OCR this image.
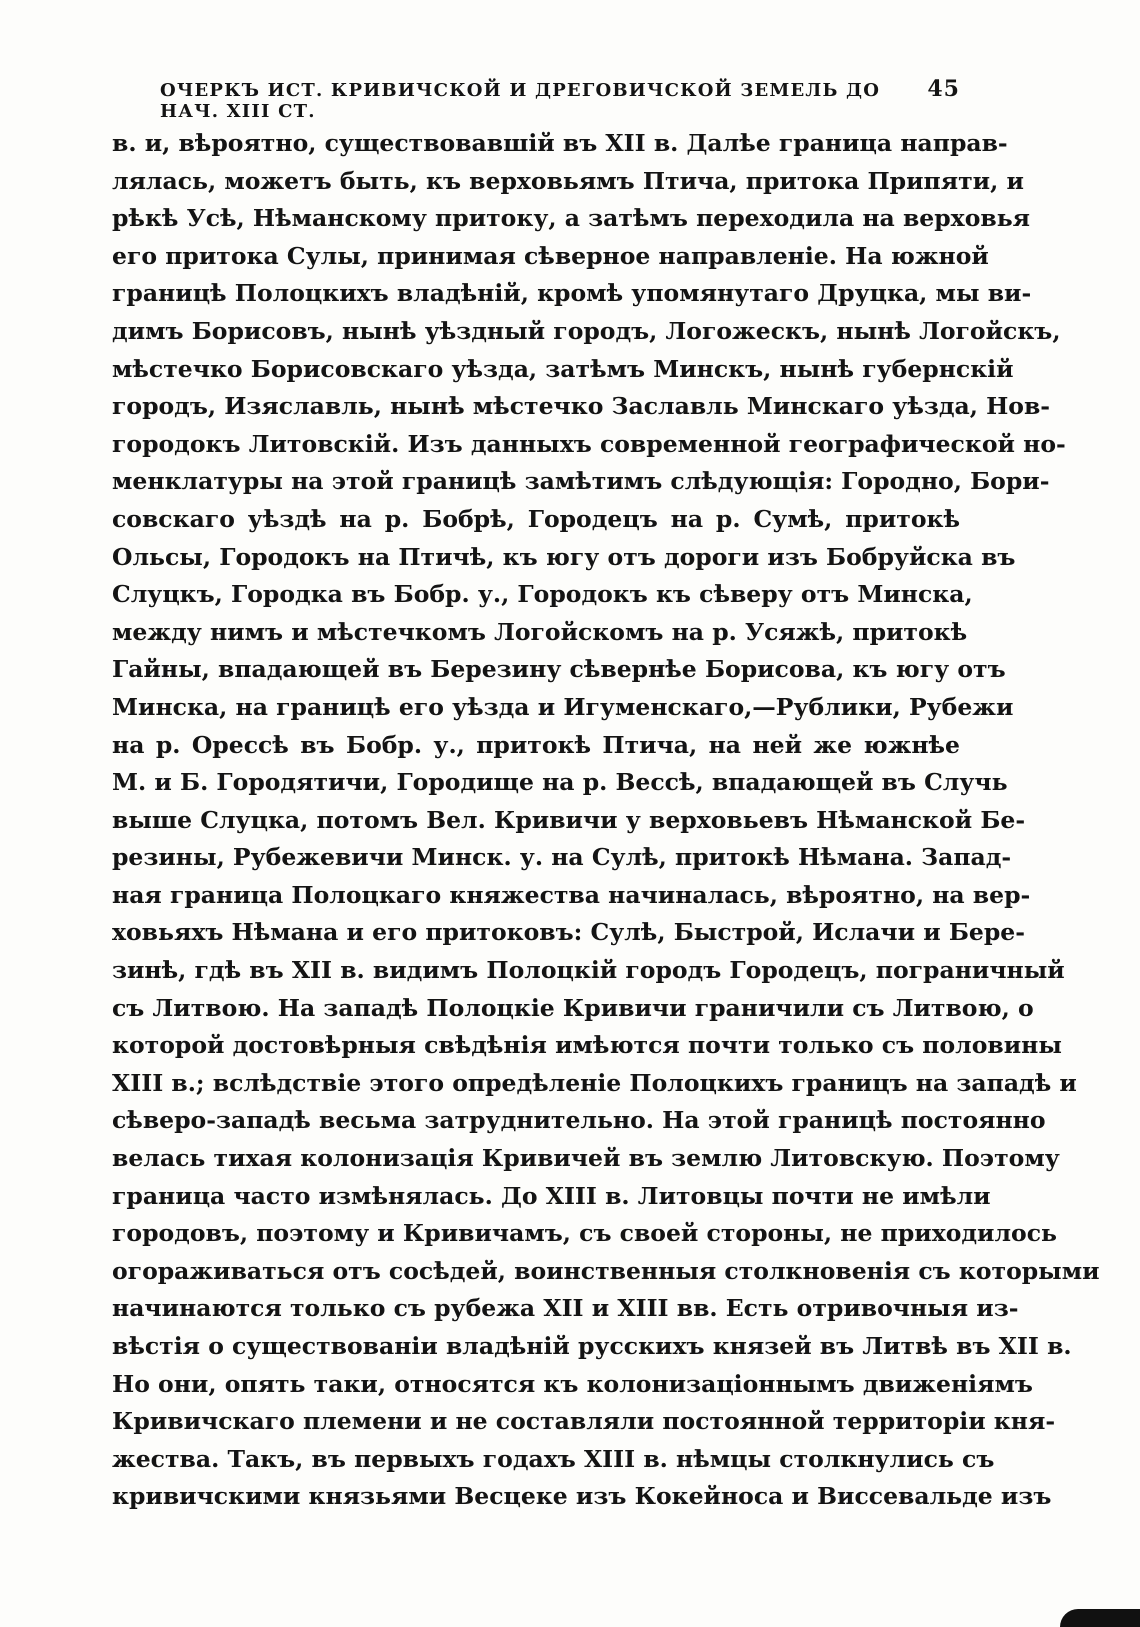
ОЧЕРКЪ ИСТ. КРИВИЧСКОЙ И ДРЕГОВИЧСКОЙ ЗЕМЕЛЬ ДО НАЧ. XIII СТ.
45
в. и, вѣроятно, существовавшій въ XII в. Далѣе граница направ-
лялась, можетъ быть, къ верховьямъ Птича, притока Припяти, и
рѣкѣ Усѣ, Нѣманскому притоку, а затѣмъ переходила на верховья
его притока Сулы, принимая сѣверное направленіе. На южной
границѣ Полоцкихъ владѣній, кромѣ упомянутаго Друцка, мы ви-
димъ Борисовъ, нынѣ уѣздный городъ, Логожескъ, нынѣ Логойскъ,
мѣстечко Борисовскаго уѣзда, затѣмъ Минскъ, нынѣ губернскій
городъ, Изяславль, нынѣ мѣстечко Заславль Минскаго уѣзда, Нов-
городокъ Литовскій. Изъ данныхъ современной географической но-
менклатуры на этой границѣ замѣтимъ слѣдующія: Городно, Бори-
совскаго уѣздѣ на р. Бобрѣ, Городецъ на р. Сумѣ, притокѣ
Ольсы, Городокъ на Птичѣ, къ югу отъ дороги изъ Бобруйска въ
Слуцкъ, Городка въ Бобр. у., Городокъ къ сѣверу отъ Минска,
между нимъ и мѣстечкомъ Логойскомъ на р. Усяжѣ, притокѣ
Гайны, впадающей въ Березину сѣвернѣе Борисова, къ югу отъ
Минска, на границѣ его уѣзда и Игуменскаго,—Рублики, Рубежи
на р. Орессѣ въ Бобр. у., притокѣ Птича, на ней же южнѣе
М. и Б. Городятичи, Городище на р. Вессѣ, впадающей въ Случь
выше Слуцка, потомъ Вел. Кривичи у верховьевъ Нѣманской Бе-
резины, Рубежевичи Минск. у. на Сулѣ, притокѣ Нѣмана. Запад-
ная граница Полоцкаго княжества начиналась, вѣроятно, на вер-
ховьяхъ Нѣмана и его притоковъ: Сулѣ, Быстрой, Ислачи и Бере-
зинѣ, гдѣ въ XII в. видимъ Полоцкій городъ Городецъ, пограничный
съ Литвою. На западѣ Полоцкіе Кривичи граничили съ Литвою, о
которой достовѣрныя свѣдѣнія имѣются почти только съ половины
XIII в.; вслѣдствіе этого опредѣленіе Полоцкихъ границъ на западѣ и
сѣверо-западѣ весьма затруднительно. На этой границѣ постоянно
велась тихая колонизація Кривичей въ землю Литовскую. Поэтому
граница часто измѣнялась. До XIII в. Литовцы почти не имѣли
городовъ, поэтому и Кривичамъ, съ своей стороны, не приходилось
огораживаться отъ сосѣдей, воинственныя столкновенія съ которыми
начинаются только съ рубежа XII и XIII вв. Есть отривочныя из-
вѣстія о существованіи владѣній русскихъ князей въ Литвѣ въ XII в.
Но они, опять таки, относятся къ колонизаціоннымъ движеніямъ
Кривичскаго племени и не составляли постоянной территоріи кня-
жества. Такъ, въ первыхъ годахъ XIII в. нѣмцы столкнулись съ
кривичскими князьями Весцеке изъ Кокейноса и Виссевальде изъ
